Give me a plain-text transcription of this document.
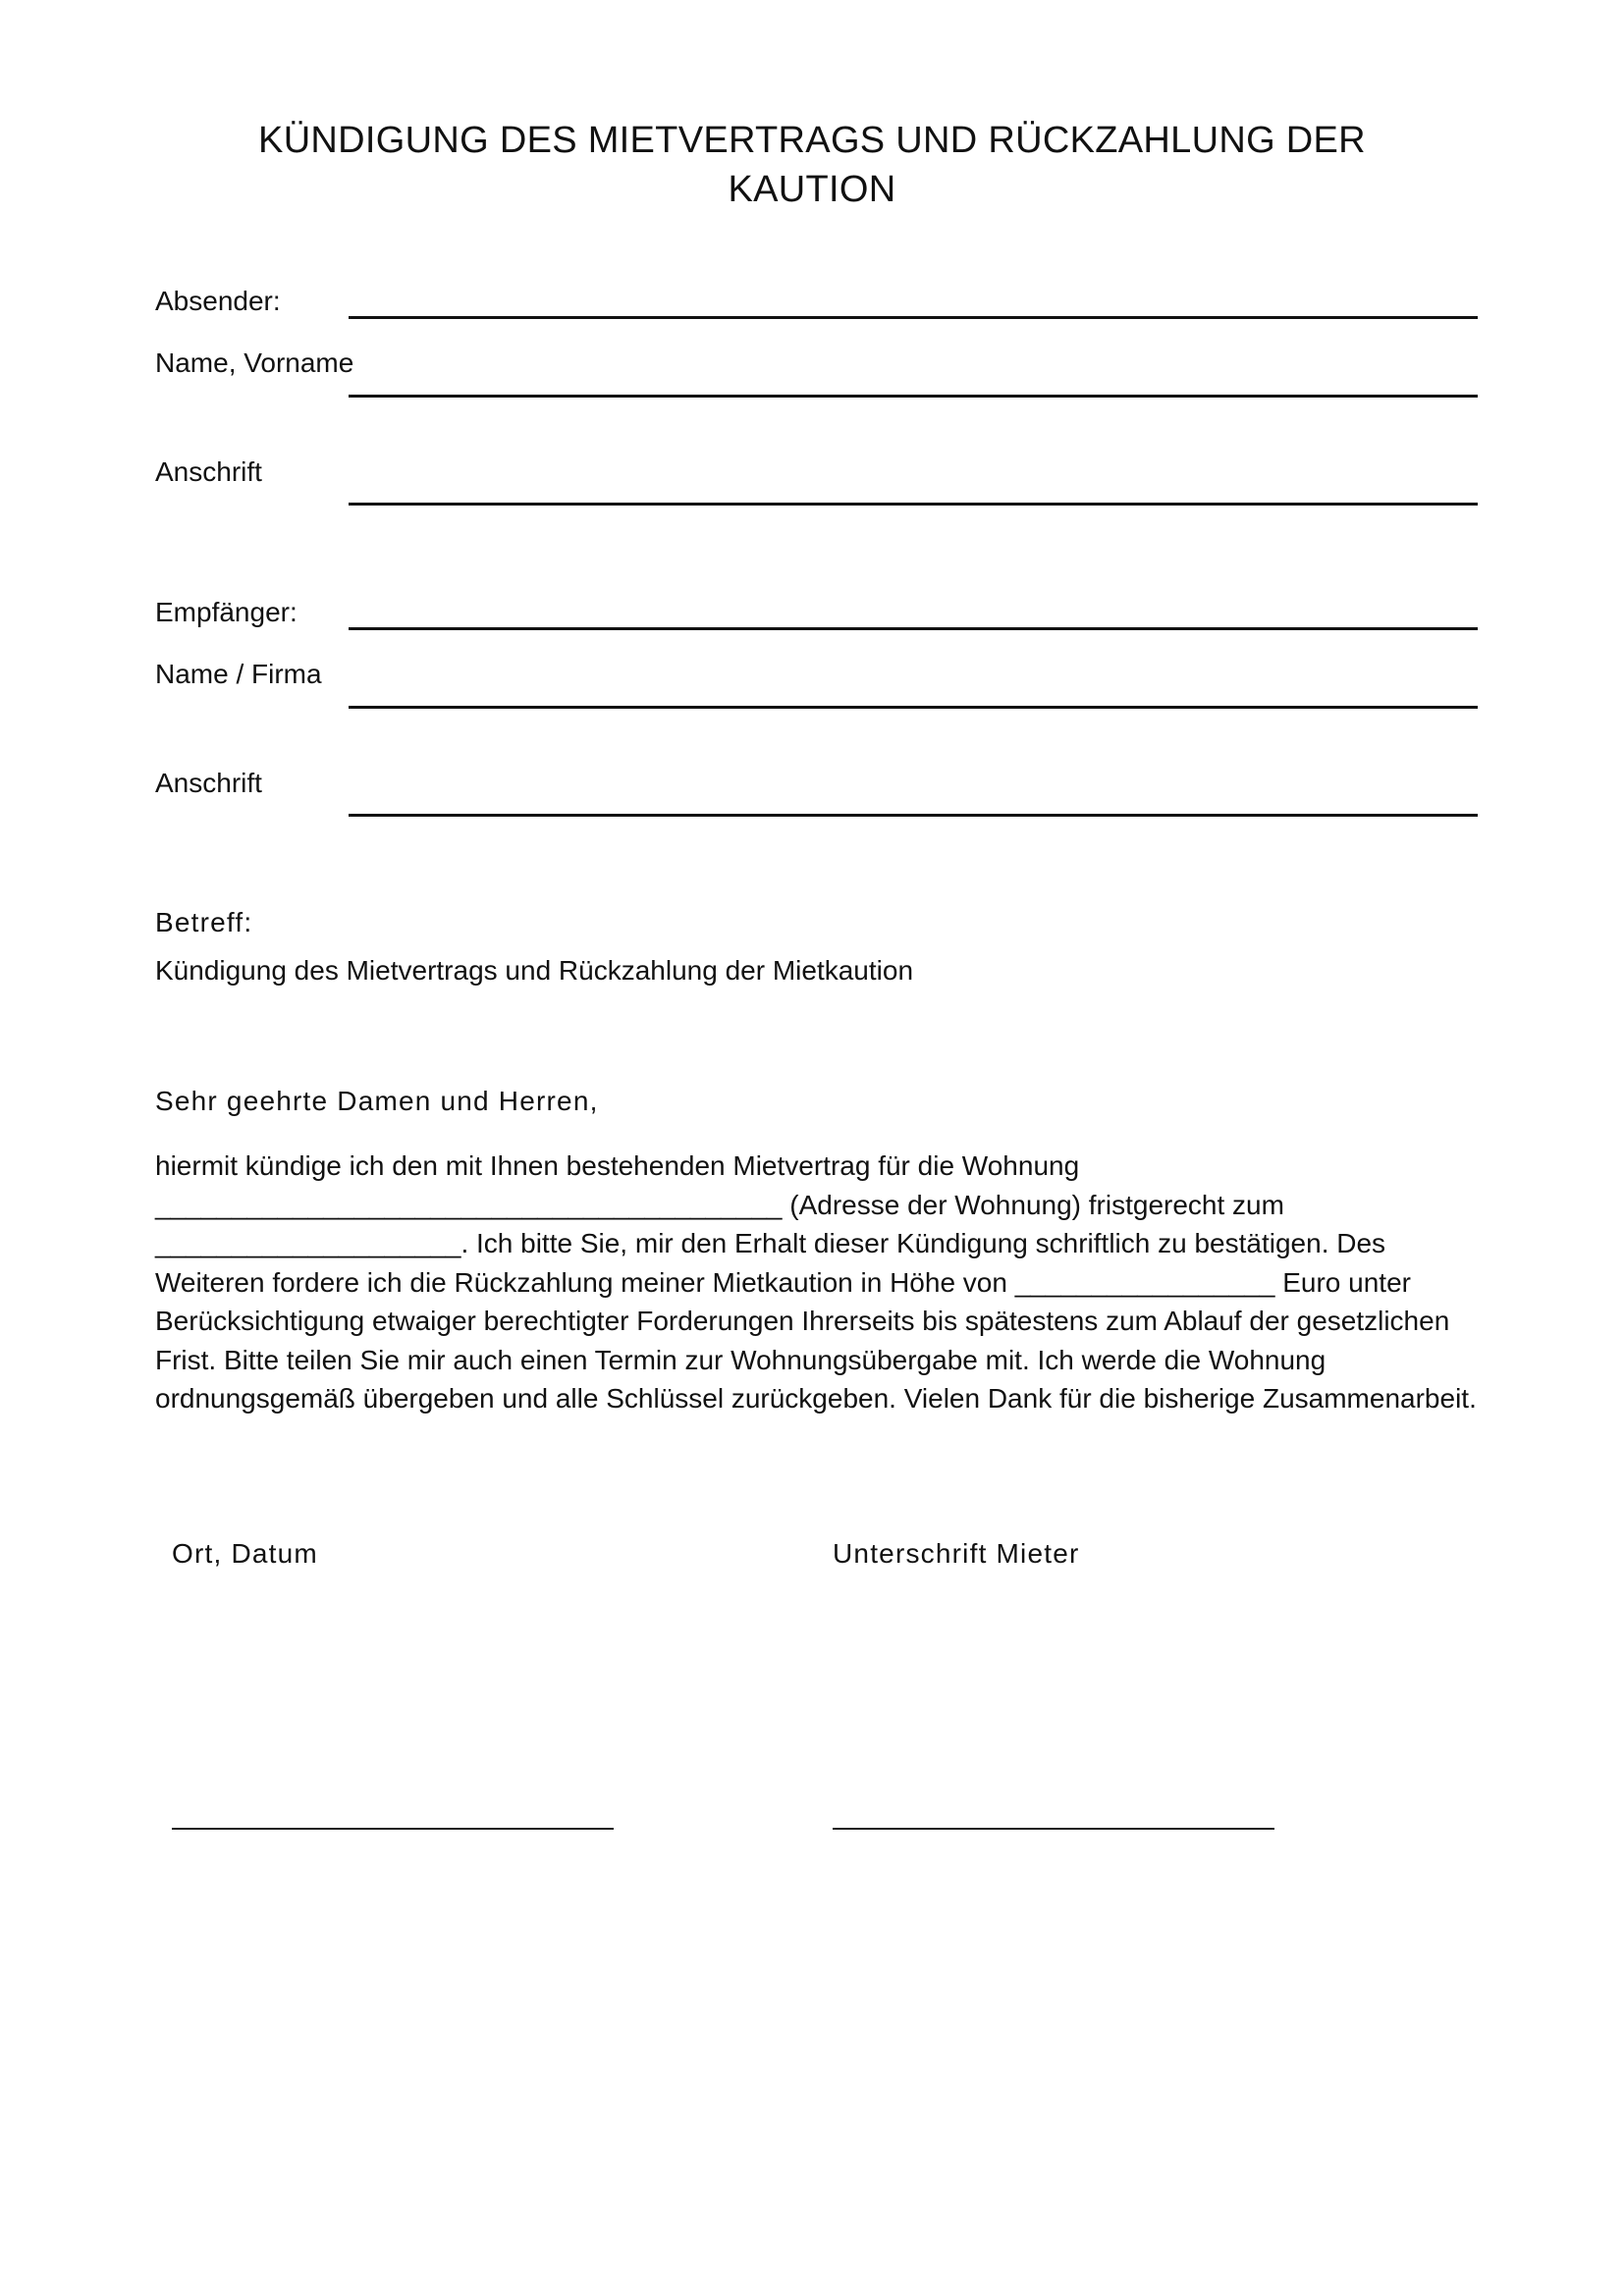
KÜNDIGUNG DES MIETVERTRAGS UND RÜCKZAHLUNG DER
KAUTION
Absender:
Name, Vorname
Anschrift
Empfänger:
Name / Firma
Anschrift
Betreff:
Kündigung des Mietvertrags und Rückzahlung der Mietkaution
Sehr geehrte Damen und Herren,
hiermit kündige ich den mit Ihnen bestehenden Mietvertrag für die Wohnung
_________________________________________ (Adresse der Wohnung) fristgerecht zum
____________________. Ich bitte Sie, mir den Erhalt dieser Kündigung schriftlich zu bestätigen. Des
Weiteren fordere ich die Rückzahlung meiner Mietkaution in Höhe von _________________ Euro unter
Berücksichtigung etwaiger berechtigter Forderungen Ihrerseits bis spätestens zum Ablauf der gesetzlichen
Frist. Bitte teilen Sie mir auch einen Termin zur Wohnungsübergabe mit. Ich werde die Wohnung
ordnungsgemäß übergeben und alle Schlüssel zurückgeben. Vielen Dank für die bisherige Zusammenarbeit.
Ort, Datum	Unterschrift Mieter
